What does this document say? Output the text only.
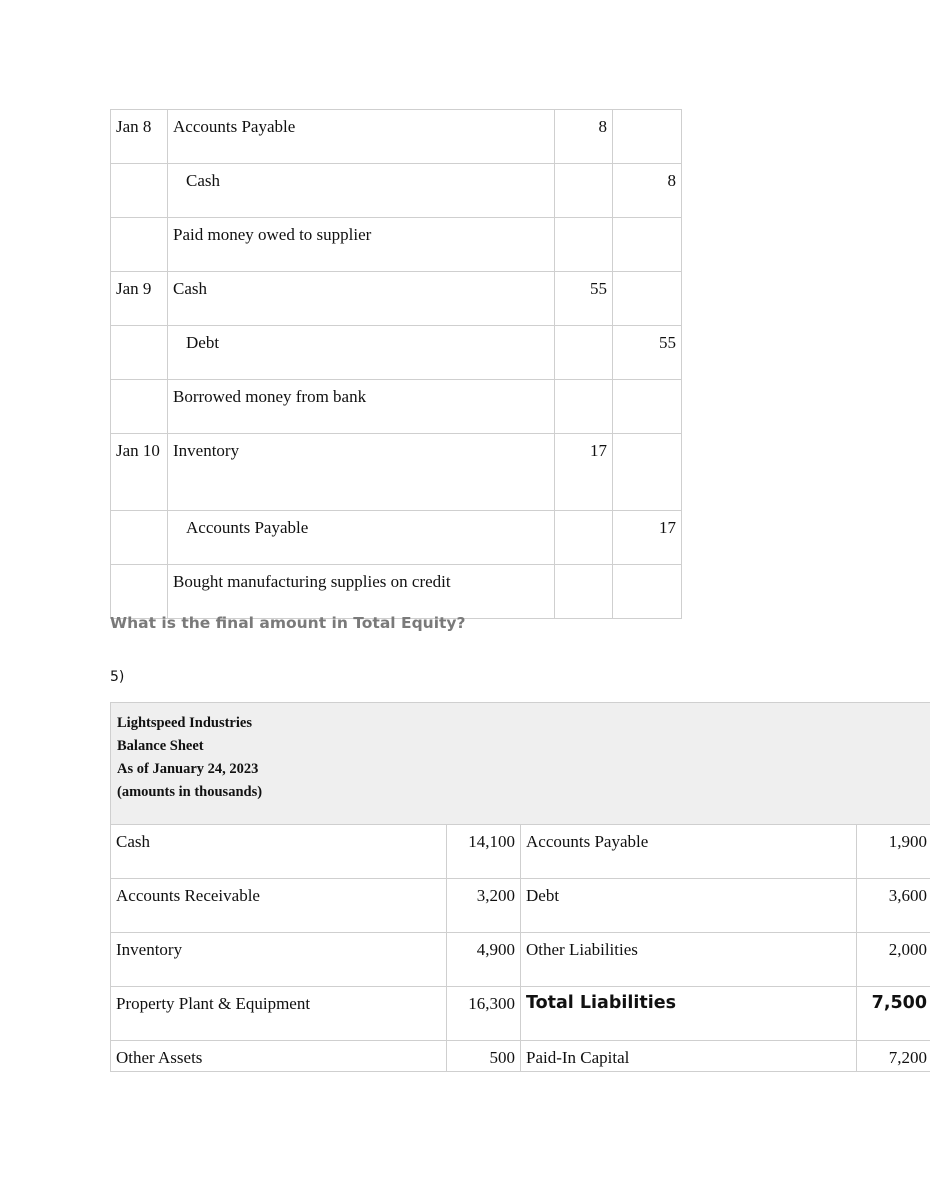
Jan 8	Accounts Payable	8	
	Cash		8
	Paid money owed to supplier		
Jan 9	Cash	55	
	Debt		55
	Borrowed money from bank		
Jan 10	Inventory	17	
	Accounts Payable		17
	Bought manufacturing supplies on credit		
What is the final amount in Total Equity?
5)
Lightspeed Industries
Balance Sheet
As of January 24, 2023
(amounts in thousands)			

Cash	14,100	Accounts Payable	1,900
Accounts Receivable	3,200	Debt	3,600
Inventory	4,900	Other Liabilities	2,000
Property Plant & Equipment	16,300	Total Liabilities	7,500
Other Assets	500	Paid-In Capital	7,200
